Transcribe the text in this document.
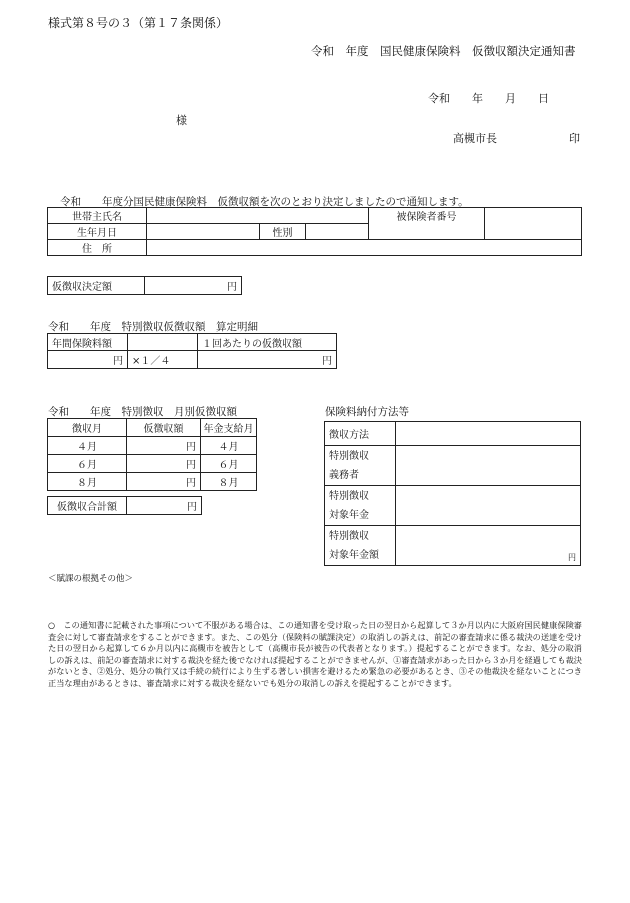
様式第８号の３（第１７条関係）
令和　年度　国民健康保険料　仮徴収額決定通知書
令和　　年　　月　　日
様
高槻市長	印
令和　　年度分国民健康保険料　仮徴収額を次のとおり決定しましたので通知します。
世帯主氏名				被保険者番号	
生年月日		性別			
住　所					
仮徴収決定額	円
令和　　年度　特別徴収仮徴収額　算定明細
年間保険料額		１回あたりの仮徴収額
円	×１／４	円
令和　　年度　特別徴収　月別仮徴収額
徴収月	仮徴収額	年金支給月
４月	円	４月
６月	円	６月
８月	円	８月
仮徴収合計額	円
保険料納付方法等
徴収方法	

特別徴収
義務者	

特別徴収
対象年金	

特別徴収
対象年金額	円
＜賦課の根拠その他＞
○　この通知書に記載された事項について不服がある場合は、この通知書を受け取った日の翌日から起算して３か月以内に大阪府国民健康保険審査会に対して審査請求をすることができます。また、この処分（保険料の賦課決定）の取消しの訴えは、前記の審査請求に係る裁決の送達を受けた日の翌日から起算して６か月以内に高槻市を被告として（高槻市長が被告の代表者となります。）提起することができます。なお、処分の取消しの訴えは、前記の審査請求に対する裁決を経た後でなければ提起することができませんが、①審査請求があった日から３か月を経過しても裁決がないとき、②処分、処分の執行又は手続の続行により生ずる著しい損害を避けるため緊急の必要があるとき、③その他裁決を経ないことにつき正当な理由があるときは、審査請求に対する裁決を経ないでも処分の取消しの訴えを提起することができます。
